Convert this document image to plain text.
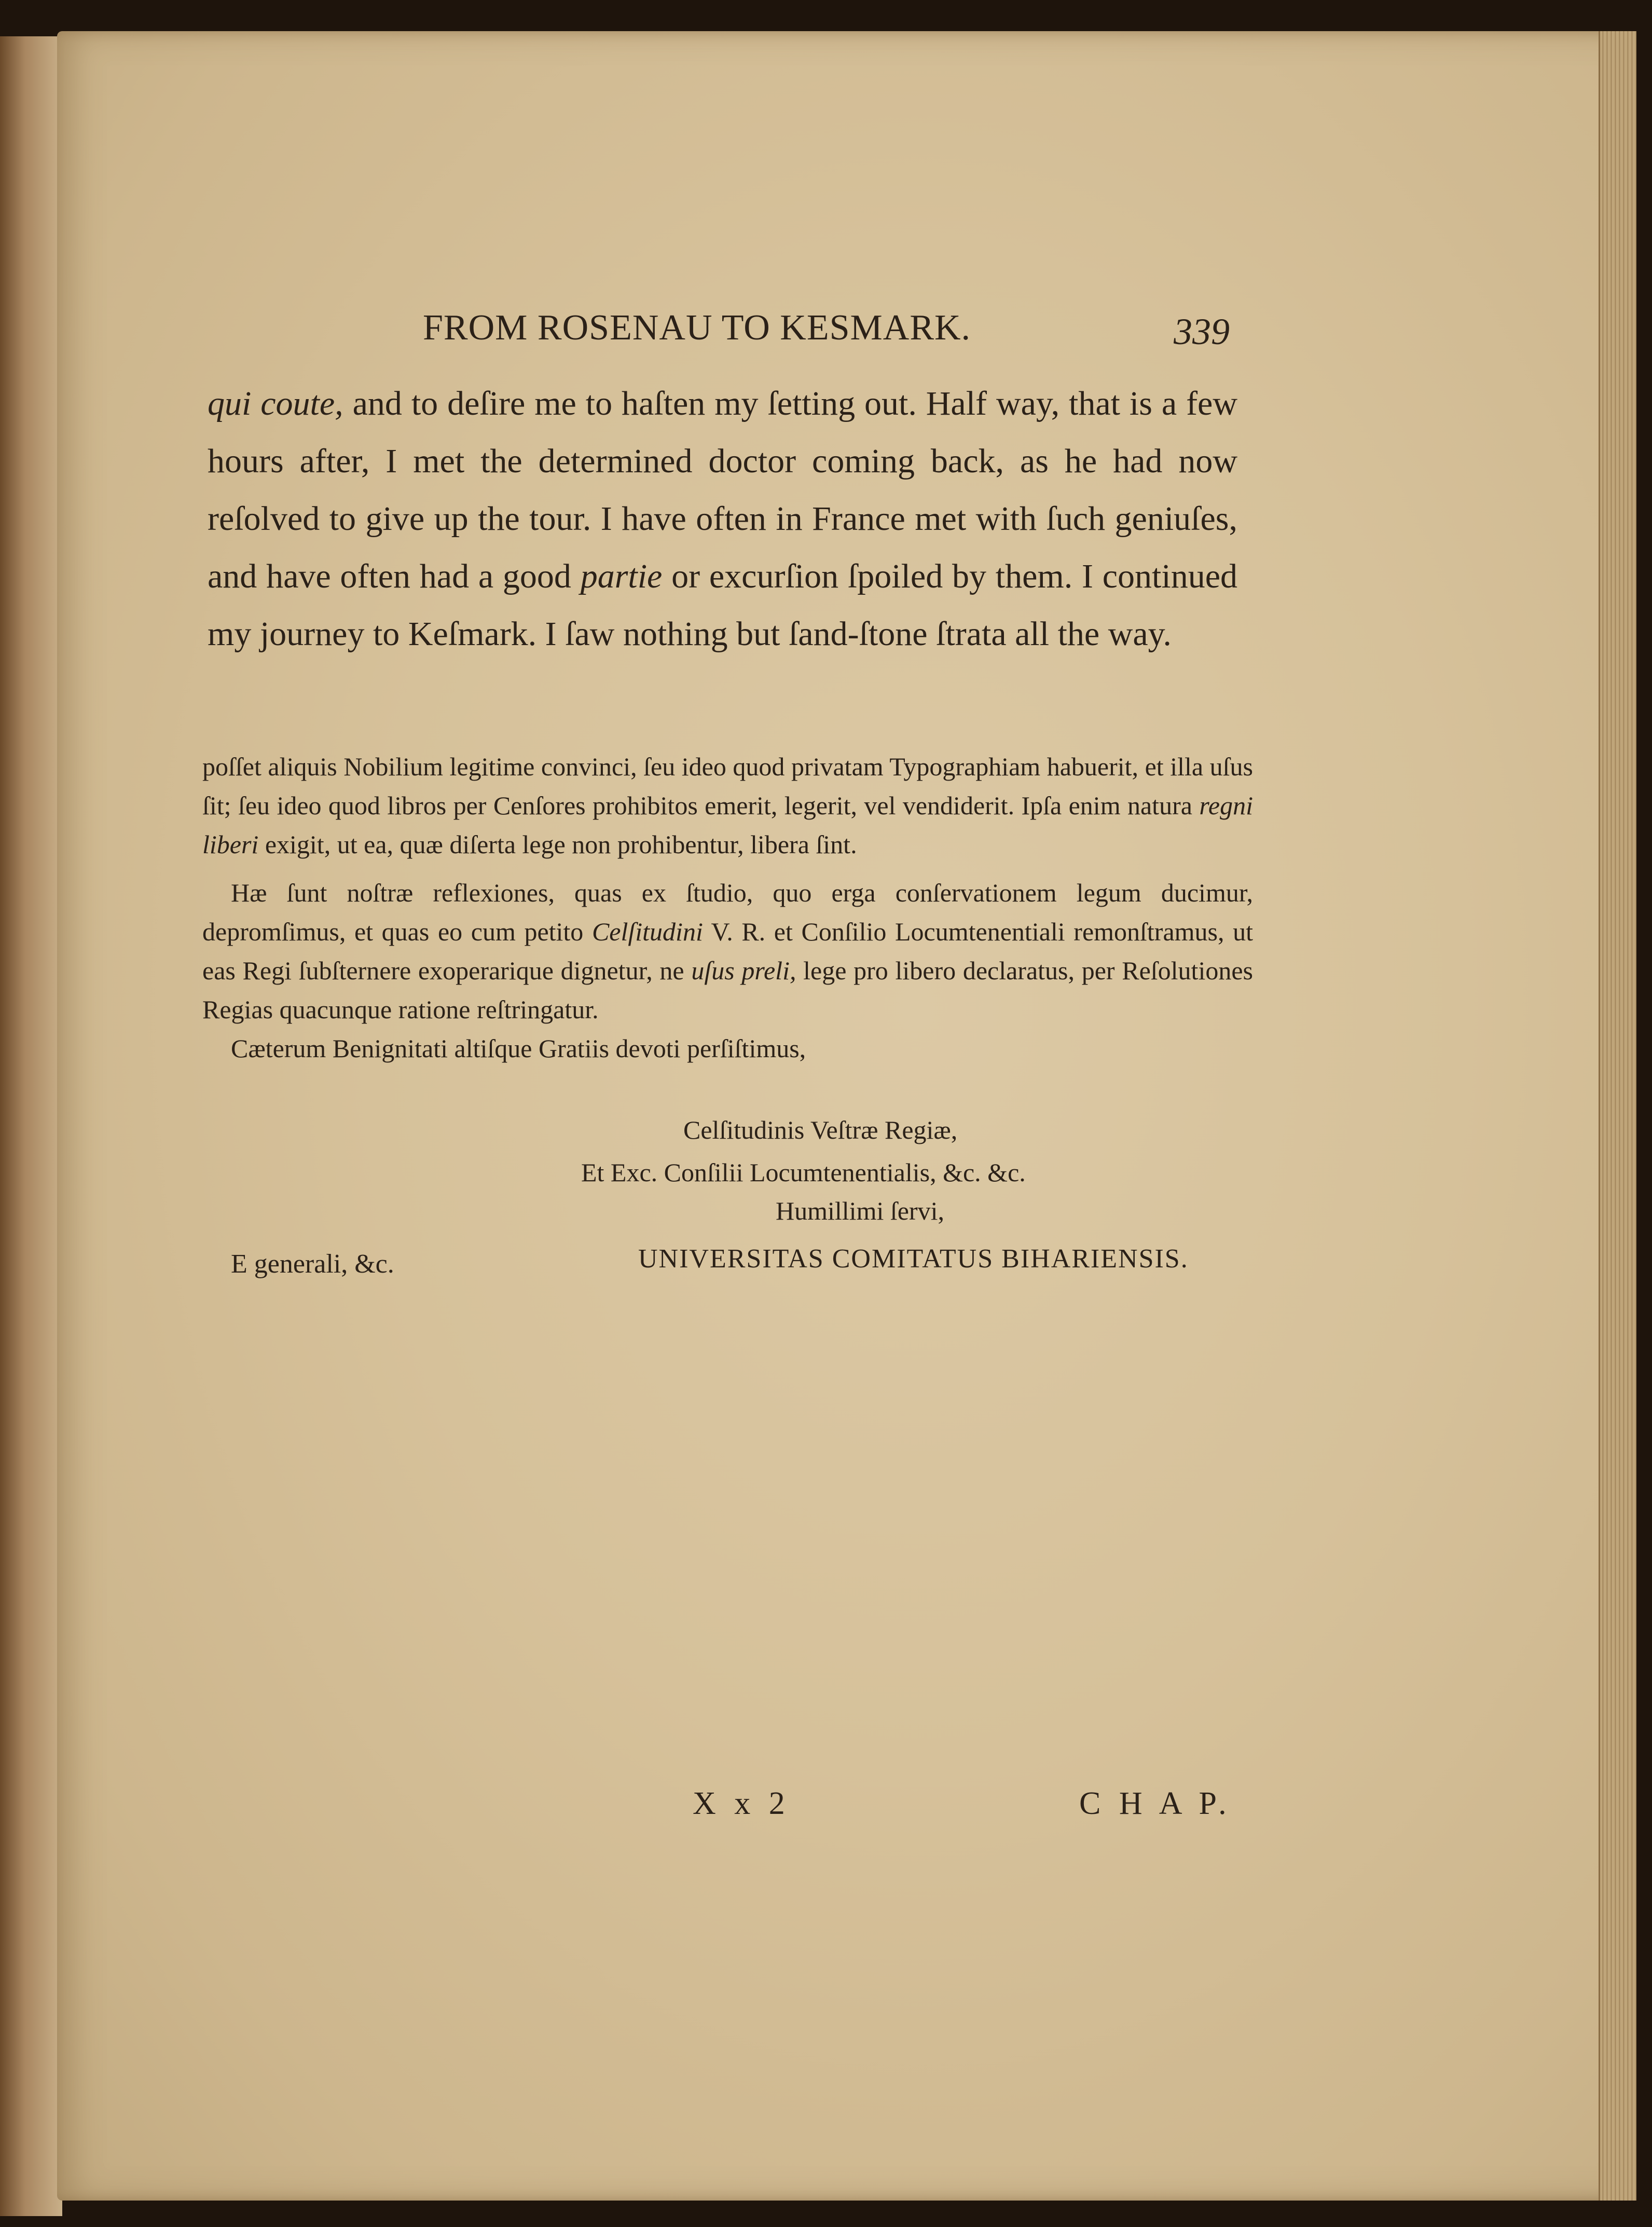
FROM ROSENAU TO KESMARK.	339

qui coute, and to deſire me to haſten my ſetting out. Half way, that is a few hours after, I met the determined doctor coming back, as he had now reſolved to give up the tour. I have often in France met with ſuch geniuſes, and have often had a good partie or excurſion ſpoiled by them. I continued my journey to Keſmark. I ſaw nothing but ſand-ſtone ſtrata all the way.

poſſet aliquis Nobilium legitime convinci, ſeu ideo quod privatam Typographiam habuerit, et illa uſus ſit; ſeu ideo quod libros per Cenſores prohibitos emerit, legerit, vel vendiderit. Ipſa enim natura regni liberi exigit, ut ea, quæ diſerta lege non prohibentur, libera ſint.

Hæ ſunt noſtræ reflexiones, quas ex ſtudio, quo erga conſervationem legum ducimur, depromſimus, et quas eo cum petito Celſitudini V. R. et Conſilio Locumtenentiali remonſtramus, ut eas Regi ſubſternere exoperarique dignetur, ne uſus preli, lege pro libero declaratus, per Reſolutiones Regias quacunque ratione reſtringatur.

Cæterum Benignitati altiſque Gratiis devoti perſiſtimus,

Celſitudinis Veſtræ Regiæ,
Et Exc. Conſilii Locumtenentialis, &c. &c.
Humillimi ſervi,
E generali, &c.	UNIVERSITAS COMITATUS BIHARIENSIS.
X x 2	C H A P.
